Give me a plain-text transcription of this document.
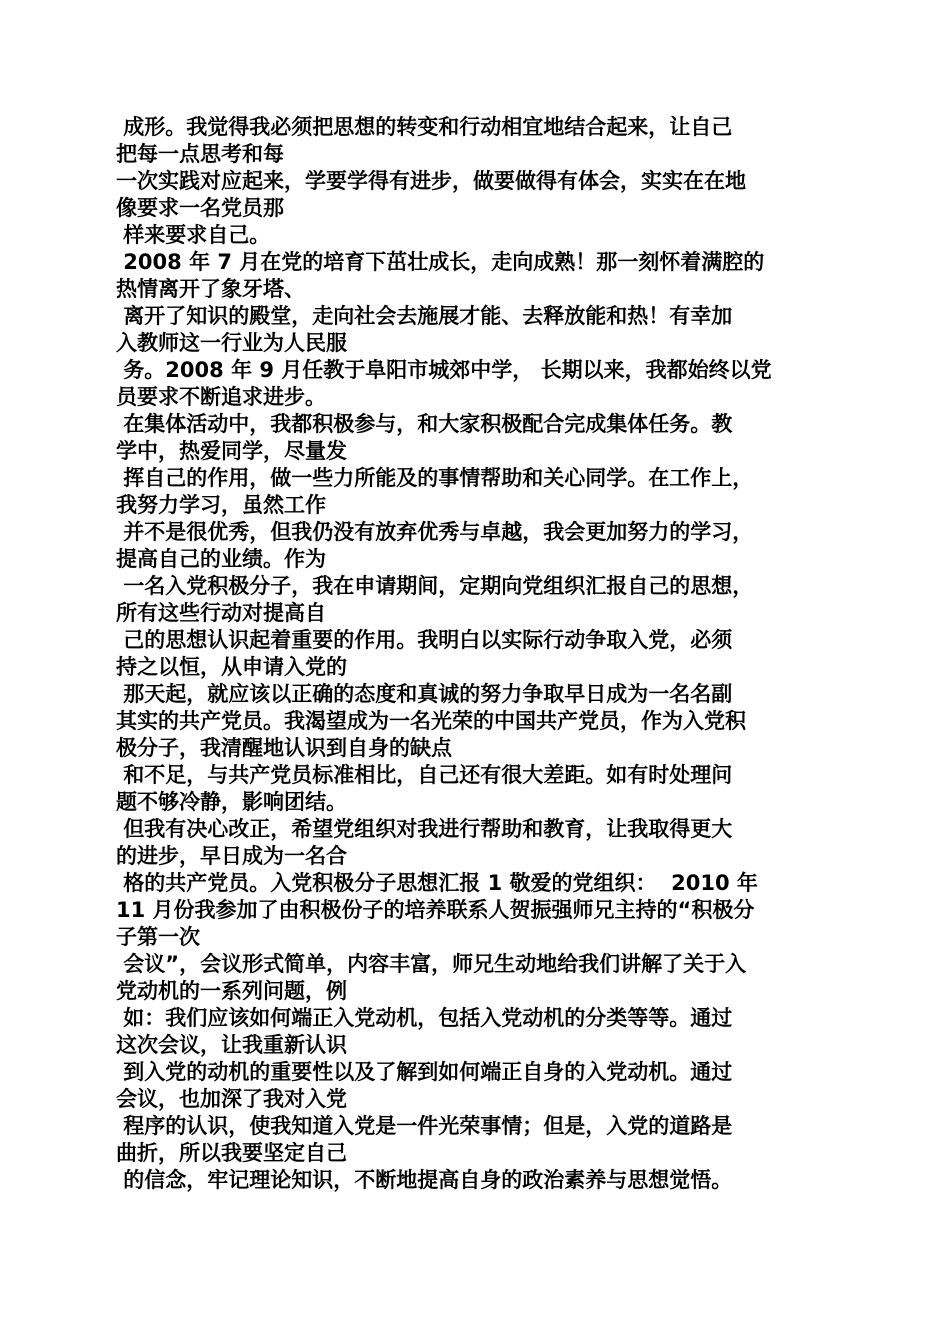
成形。我觉得我必须把思想的转变和行动相宜地结合起来，让自己
把每一点思考和每
一次实践对应起来，学要学得有进步，做要做得有体会，实实在在地
像要求一名党员那
样来要求自己。
2008 年 7 月在党的培育下茁壮成长，走向成熟！那一刻怀着满腔的
热情离开了象牙塔、
离开了知识的殿堂，走向社会去施展才能、去释放能和热！有幸加
入教师这一行业为人民服
务。2008 年 9 月任教于阜阳市城郊中学， 长期以来，我都始终以党
员要求不断追求进步。
在集体活动中，我都积极参与，和大家积极配合完成集体任务。教
学中，热爱同学，尽量发
挥自己的作用，做一些力所能及的事情帮助和关心同学。在工作上，
我努力学习，虽然工作
并不是很优秀，但我仍没有放弃优秀与卓越，我会更加努力的学习，
提高自己的业绩。作为
一名入党积极分子，我在申请期间，定期向党组织汇报自己的思想，
所有这些行动对提高自
己的思想认识起着重要的作用。我明白以实际行动争取入党，必须
持之以恒，从申请入党的
那天起，就应该以正确的态度和真诚的努力争取早日成为一名名副
其实的共产党员。我渴望成为一名光荣的中国共产党员，作为入党积
极分子，我清醒地认识到自身的缺点
和不足，与共产党员标准相比，自己还有很大差距。如有时处理问
题不够冷静，影响团结。
但我有决心改正，希望党组织对我进行帮助和教育，让我取得更大
的进步，早日成为一名合
格的共产党员。入党积极分子思想汇报 1 敬爱的党组织：  2010 年
11 月份我参加了由积极份子的培养联系人贺振强师兄主持的“积极分
子第一次
会议”，会议形式简单，内容丰富，师兄生动地给我们讲解了关于入
党动机的一系列问题，例
如：我们应该如何端正入党动机，包括入党动机的分类等等。通过
这次会议，让我重新认识
到入党的动机的重要性以及了解到如何端正自身的入党动机。通过
会议，也加深了我对入党
程序的认识，使我知道入党是一件光荣事情；但是，入党的道路是
曲折，所以我要坚定自己
的信念，牢记理论知识，不断地提高自身的政治素养与思想觉悟。
